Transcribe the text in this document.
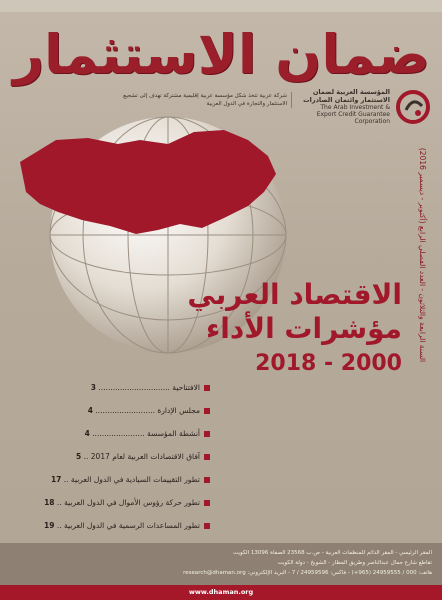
ضمان الاستثمار
المؤسسة العربية لضمان الاستثمار وائتمان الصادرات
The Arab Investment & Export Credit Guarantee Corporation
شركة عربية تتخذ شكل مؤسسة عربية إقليمية مشتركة تهدف إلى تشجيع الاستثمار والتجارة في الدول العربية
السنة الرابعة والثلاثون - العدد الفصلي الرابع (أكتوبر - ديسمبر 2016)
الاقتصاد العربي
مؤشرات الأداء
2018 - 2000
الافتتاحية .............................. 3
مجلس الإدارة ......................... 4
أنشطة المؤسسة ...................... 4
آفاق الاقتصادات العربية لعام 2017 .. 5
تطور التقييمات السيادية في الدول العربية .. 17
تطور حركة رؤوس الأموال في الدول العربية .. 18
تطور المساعدات الرسمية في الدول العربية .. 19
المقر الرئيسي - المقر الدائم للمنظمات العربية - ص.ب 23568 الصفاة 13096 الكويت
تقاطع شارع جمال عبدالناصر وطريق المطار - الشويخ - دولة الكويت
هاتف: 000 / 24959555 (965+) - فاكس: 24959596 / 7 - البريد الإلكتروني: research@dhaman.org
www.dhaman.org
